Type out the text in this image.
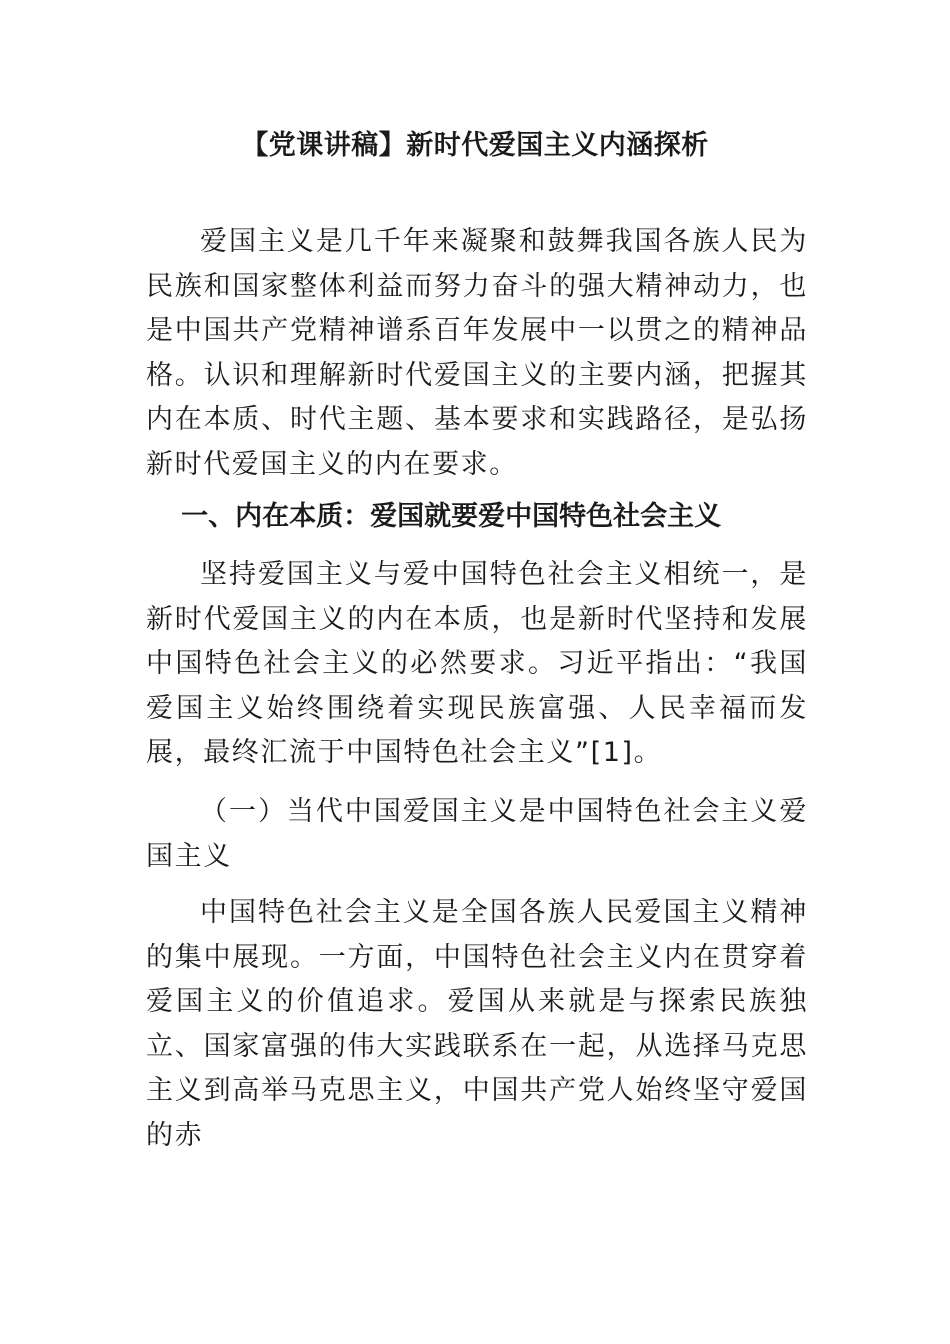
【党课讲稿】新时代爱国主义内涵探析

爱国主义是几千年来凝聚和鼓舞我国各族人民为民族和国家整体利益而努力奋斗的强大精神动力，也是中国共产党精神谱系百年发展中一以贯之的精神品格。认识和理解新时代爱国主义的主要内涵，把握其内在本质、时代主题、基本要求和实践路径，是弘扬新时代爱国主义的内在要求。

一、内在本质：爱国就要爱中国特色社会主义

坚持爱国主义与爱中国特色社会主义相统一，是新时代爱国主义的内在本质，也是新时代坚持和发展中国特色社会主义的必然要求。习近平指出：“我国爱国主义始终围绕着实现民族富强、人民幸福而发展，最终汇流于中国特色社会主义”[1]。

（一）当代中国爱国主义是中国特色社会主义爱国主义

中国特色社会主义是全国各族人民爱国主义精神的集中展现。一方面，中国特色社会主义内在贯穿着爱国主义的价值追求。爱国从来就是与探索民族独立、国家富强的伟大实践联系在一起，从选择马克思主义到高举马克思主义，中国共产党人始终坚守爱国的赤
